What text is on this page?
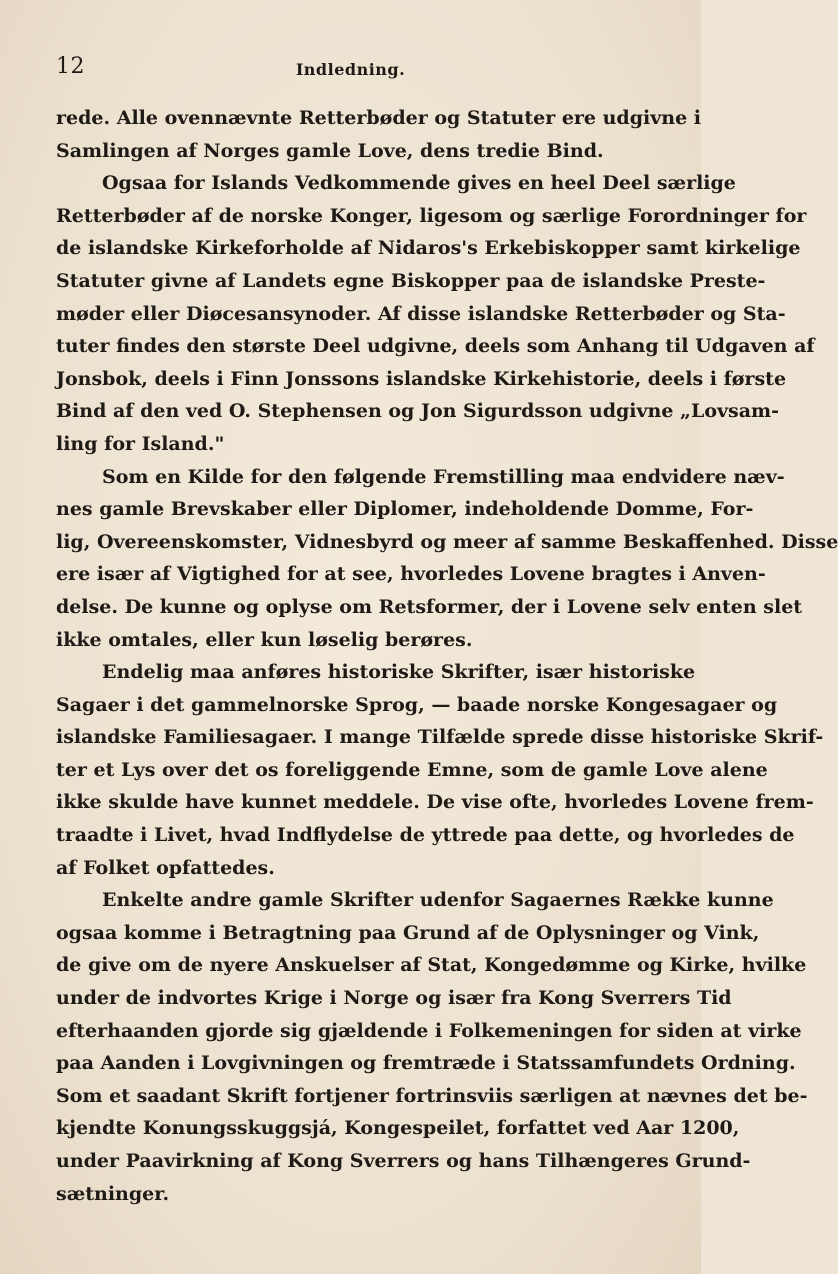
12	Indledning.
rede. Alle ovennævnte Retterbøder og Statuter ere udgivne i
Samlingen af Norges gamle Love, dens tredie Bind.
Ogsaa for Islands Vedkommende gives en heel Deel særlige
Retterbøder af de norske Konger, ligesom og særlige Forordninger for
de islandske Kirkeforholde af Nidaros's Erkebiskopper samt kirkelige
Statuter givne af Landets egne Biskopper paa de islandske Preste-
møder eller Diøcesansynoder. Af disse islandske Retterbøder og Sta-
tuter findes den største Deel udgivne, deels som Anhang til Udgaven af
Jonsbok, deels i Finn Jonssons islandske Kirkehistorie, deels i første
Bind af den ved O. Stephensen og Jon Sigurdsson udgivne „Lovsam-
ling for Island."
Som en Kilde for den følgende Fremstilling maa endvidere næv-
nes gamle Brevskaber eller Diplomer, indeholdende Domme, For-
lig, Overeenskomster, Vidnesbyrd og meer af samme Beskaffenhed. Disse
ere især af Vigtighed for at see, hvorledes Lovene bragtes i Anven-
delse. De kunne og oplyse om Retsformer, der i Lovene selv enten slet
ikke omtales, eller kun løselig berøres.
Endelig maa anføres historiske Skrifter, især historiske
Sagaer i det gammelnorske Sprog, — baade norske Kongesagaer og
islandske Familiesagaer. I mange Tilfælde sprede disse historiske Skrif-
ter et Lys over det os foreliggende Emne, som de gamle Love alene
ikke skulde have kunnet meddele. De vise ofte, hvorledes Lovene frem-
traadte i Livet, hvad Indflydelse de yttrede paa dette, og hvorledes de
af Folket opfattedes.
Enkelte andre gamle Skrifter udenfor Sagaernes Række kunne
ogsaa komme i Betragtning paa Grund af de Oplysninger og Vink,
de give om de nyere Anskuelser af Stat, Kongedømme og Kirke, hvilke
under de indvortes Krige i Norge og især fra Kong Sverrers Tid
efterhaanden gjorde sig gjældende i Folkemeningen for siden at virke
paa Aanden i Lovgivningen og fremtræde i Statssamfundets Ordning.
Som et saadant Skrift fortjener fortrinsviis særligen at nævnes det be-
kjendte Konungsskuggsjá, Kongespeilet, forfattet ved Aar 1200,
under Paavirkning af Kong Sverrers og hans Tilhængeres Grund-
sætninger.
